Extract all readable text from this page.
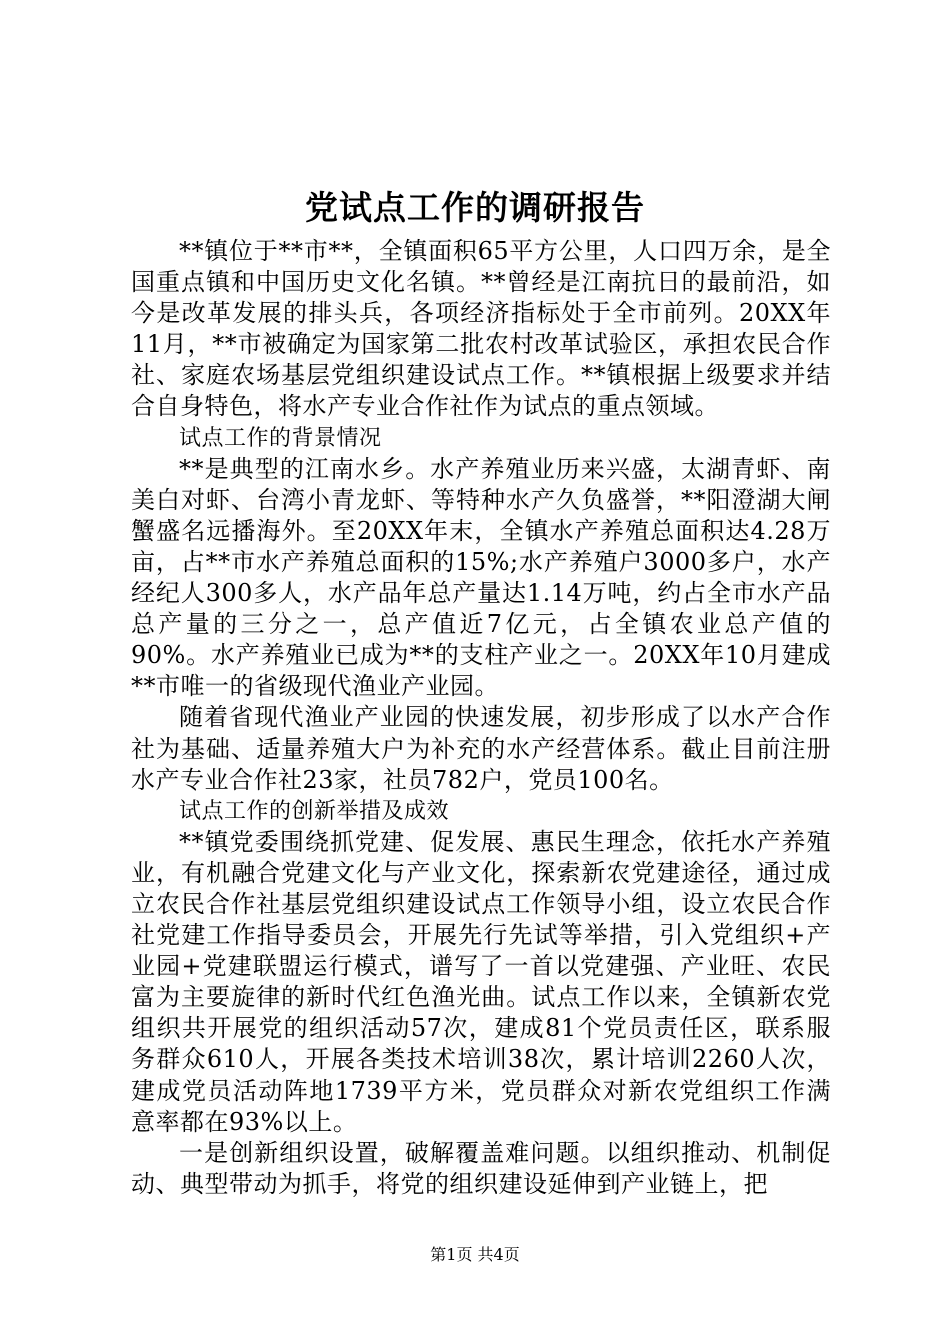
党试点工作的调研报告

**镇位于**市**，全镇面积65平方公里，人口四万余，是全国重点镇和中国历史文化名镇。**曾经是江南抗日的最前沿，如今是改革发展的排头兵，各项经济指标处于全市前列。20XX年11月，**市被确定为国家第二批农村改革试验区，承担农民合作社、家庭农场基层党组织建设试点工作。**镇根据上级要求并结合自身特色，将水产专业合作社作为试点的重点领域。

试点工作的背景情况

**是典型的江南水乡。水产养殖业历来兴盛，太湖青虾、南美白对虾、台湾小青龙虾、等特种水产久负盛誉，**阳澄湖大闸蟹盛名远播海外。至20XX年末，全镇水产养殖总面积达4.28万亩，占**市水产养殖总面积的15%;水产养殖户3000多户，水产经纪人300多人，水产品年总产量达1.14万吨，约占全市水产品总产量的三分之一，总产值近7亿元，占全镇农业总产值的90%。水产养殖业已成为**的支柱产业之一。20XX年10月建成**市唯一的省级现代渔业产业园。

随着省现代渔业产业园的快速发展，初步形成了以水产合作社为基础、适量养殖大户为补充的水产经营体系。截止目前注册水产专业合作社23家，社员782户，党员100名。

试点工作的创新举措及成效

**镇党委围绕抓党建、促发展、惠民生理念，依托水产养殖业，有机融合党建文化与产业文化，探索新农党建途径，通过成立农民合作社基层党组织建设试点工作领导小组，设立农民合作社党建工作指导委员会，开展先行先试等举措，引入党组织+产业园+党建联盟运行模式，谱写了一首以党建强、产业旺、农民富为主要旋律的新时代红色渔光曲。试点工作以来，全镇新农党组织共开展党的组织活动57次，建成81个党员责任区，联系服务群众610人，开展各类技术培训38次，累计培训2260人次，建成党员活动阵地1739平方米，党员群众对新农党组织工作满意率都在93%以上。

一是创新组织设置，破解覆盖难问题。以组织推动、机制促动、典型带动为抓手，将党的组织建设延伸到产业链上，把

第1页 共4页
